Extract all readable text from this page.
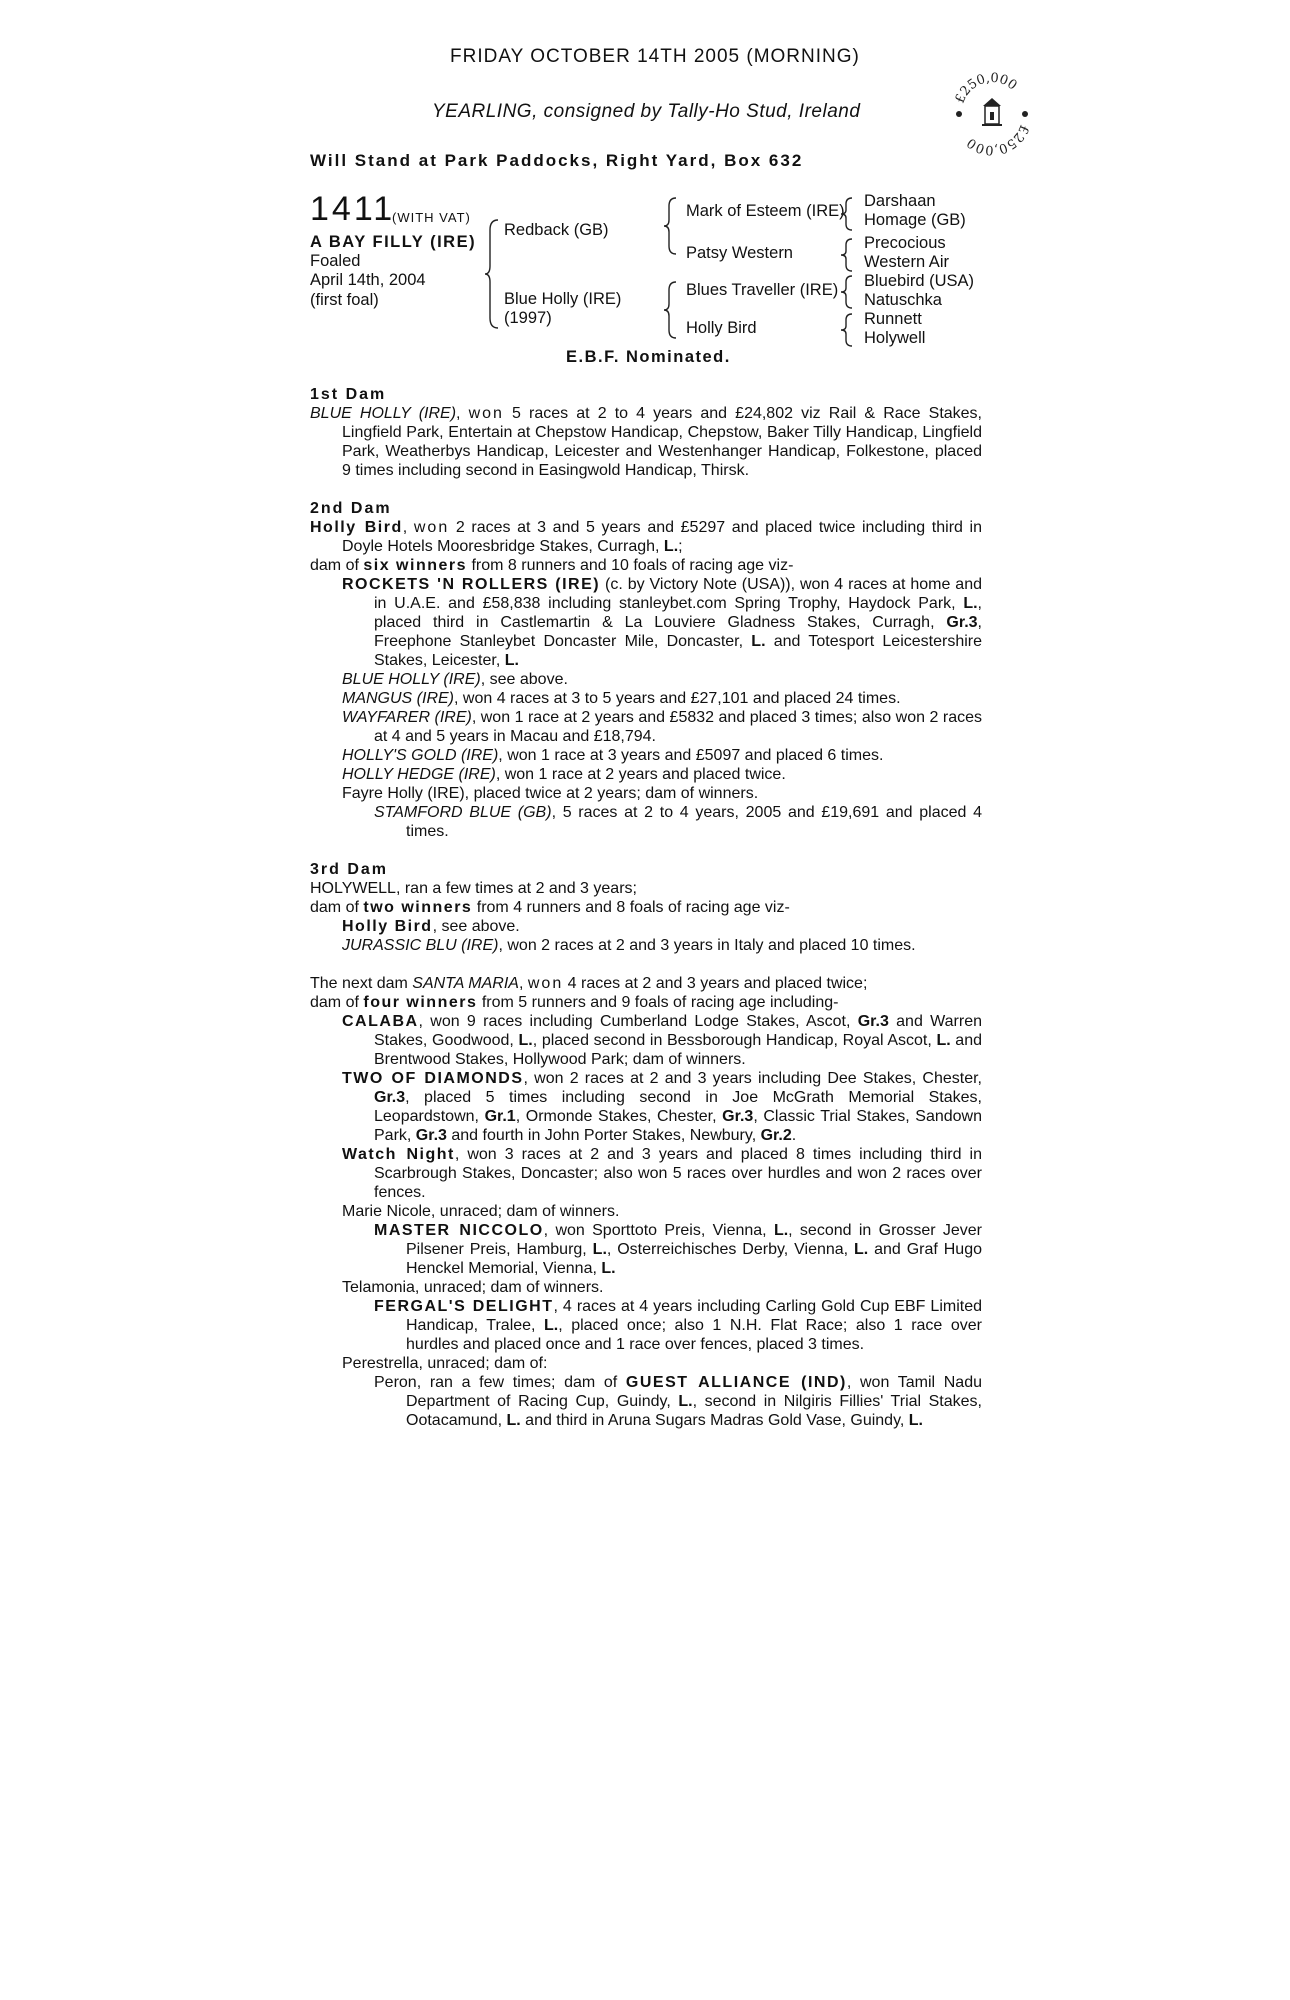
FRIDAY OCTOBER 14TH 2005 (MORNING)
YEARLING, consigned by Tally-Ho Stud, Ireland
Will Stand at Park Paddocks, Right Yard, Box 632
£250,000
£250,000
1411
(WITH VAT)
A BAY FILLY (IRE)
Foaled
April 14th, 2004
(first foal)
Redback (GB)
Blue Holly (IRE)
(1997)
Mark of Esteem (IRE)
Patsy Western
Blues Traveller (IRE)
Holly Bird
Darshaan
Homage (GB)
Precocious
Western Air
Bluebird (USA)
Natuschka
Runnett
Holywell
E.B.F. Nominated.

1st Dam

BLUE HOLLY (IRE), won 5 races at 2 to 4 years and £24,802 viz Rail & Race Stakes, Lingfield Park, Entertain at Chepstow Handicap, Chepstow, Baker Tilly Handicap, Lingfield Park, Weatherbys Handicap, Leicester and Westenhanger Handicap, Folkestone, placed 9 times including second in Easingwold Handicap, Thirsk.

2nd Dam

Holly Bird, won 2 races at 3 and 5 years and £5297 and placed twice including third in Doyle Hotels Mooresbridge Stakes, Curragh, L.;

dam of six winners from 8 runners and 10 foals of racing age viz-

ROCKETS 'N ROLLERS (IRE) (c. by Victory Note (USA)), won 4 races at home and in U.A.E. and £58,838 including stanleybet.com Spring Trophy, Haydock Park, L., placed third in Castlemartin & La Louviere Gladness Stakes, Curragh, Gr.3, Freephone Stanleybet Doncaster Mile, Doncaster, L. and Totesport Leicestershire Stakes, Leicester, L.

BLUE HOLLY (IRE), see above.

MANGUS (IRE), won 4 races at 3 to 5 years and £27,101 and placed 24 times.

WAYFARER (IRE), won 1 race at 2 years and £5832 and placed 3 times; also won 2 races at 4 and 5 years in Macau and £18,794.

HOLLY'S GOLD (IRE), won 1 race at 3 years and £5097 and placed 6 times.

HOLLY HEDGE (IRE), won 1 race at 2 years and placed twice.

Fayre Holly (IRE), placed twice at 2 years; dam of winners.

STAMFORD BLUE (GB), 5 races at 2 to 4 years, 2005 and £19,691 and placed 4 times.

3rd Dam

HOLYWELL, ran a few times at 2 and 3 years;

dam of two winners from 4 runners and 8 foals of racing age viz-

Holly Bird, see above.

JURASSIC BLU (IRE), won 2 races at 2 and 3 years in Italy and placed 10 times.

The next dam SANTA MARIA, won 4 races at 2 and 3 years and placed twice;

dam of four winners from 5 runners and 9 foals of racing age including-

CALABA, won 9 races including Cumberland Lodge Stakes, Ascot, Gr.3 and Warren Stakes, Goodwood, L., placed second in Bessborough Handicap, Royal Ascot, L. and Brentwood Stakes, Hollywood Park; dam of winners.

TWO OF DIAMONDS, won 2 races at 2 and 3 years including Dee Stakes, Chester, Gr.3, placed 5 times including second in Joe McGrath Memorial Stakes, Leopardstown, Gr.1, Ormonde Stakes, Chester, Gr.3, Classic Trial Stakes, Sandown Park, Gr.3 and fourth in John Porter Stakes, Newbury, Gr.2.

Watch Night, won 3 races at 2 and 3 years and placed 8 times including third in Scarbrough Stakes, Doncaster; also won 5 races over hurdles and won 2 races over fences.

Marie Nicole, unraced; dam of winners.

MASTER NICCOLO, won Sporttoto Preis, Vienna, L., second in Grosser Jever Pilsener Preis, Hamburg, L., Osterreichisches Derby, Vienna, L. and Graf Hugo Henckel Memorial, Vienna, L.

Telamonia, unraced; dam of winners.

FERGAL'S DELIGHT, 4 races at 4 years including Carling Gold Cup EBF Limited Handicap, Tralee, L., placed once; also 1 N.H. Flat Race; also 1 race over hurdles and placed once and 1 race over fences, placed 3 times.

Perestrella, unraced; dam of:

Peron, ran a few times; dam of GUEST ALLIANCE (IND), won Tamil Nadu Department of Racing Cup, Guindy, L., second in Nilgiris Fillies' Trial Stakes, Ootacamund, L. and third in Aruna Sugars Madras Gold Vase, Guindy, L.
